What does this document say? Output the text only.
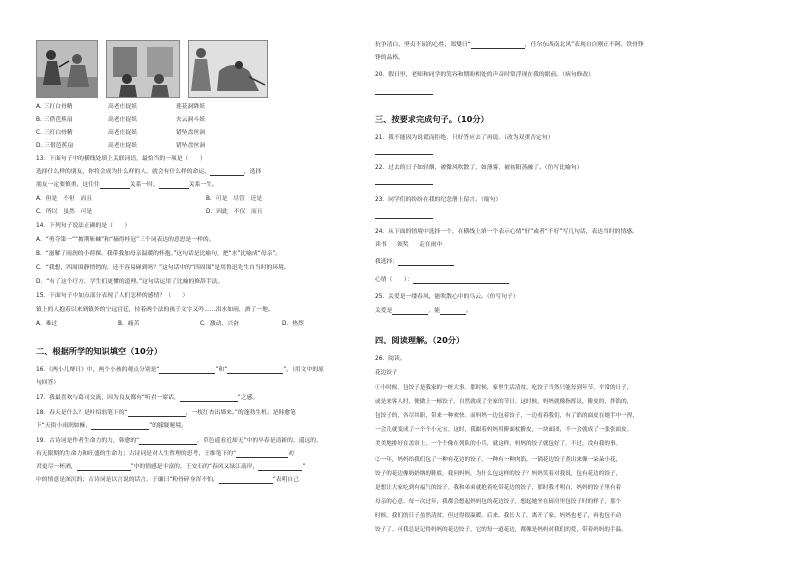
A. 三打白骨精	高老庄捉妖	莲花洞降妖
B. 三借芭蕉扇	高老庄捉妖	火云洞斗妖
C. 三打白骨精	高老庄捉妖	错坠盘丝洞
D. 三借芭蕉扇	高老庄捉妖	错坠盘丝洞
13．下面句子中的横线处填上关联词语，最恰当的一项是（　　）
选择什么样的朋友，你将会成为什么样的人，就会有什么样的命运。	，选择
朋友一定要慎重，这往往	关系一时，	关系一生。
A．但是　不但　而且	B．可是　尽管　还是
C．所以　虽然　可是	D．因此　不仅　而且
14．下列句子说法正确的是（　　）
A．“勇夺第一”“披荆斩棘”和“摘得桂冠”三个词表达的意思是一样的。
B．“滋解了雨润的小荷裸，我带我加母亲温暖的怀抱。”这句话是比喻句，把“水”比喻成“母亲”。
C．“我想，四周围静悄悄的，还不容易碰到吗？”这句话中的“四周围”是用鲁迅先生自当时的环境。
D．“有了这个疗方，学生们更懂的道理。”这句话运用了比喻的修辞手法。
15．下面句子中加点部分表现了人们怎样的感情？（　　）
镇上的人抱着以来到镇外的宁远宫廷，持着两个法的孩子文字又吟……泪水如雨，酒了一地。
A．难过	B．痛苦	C．激动、兴奋	D．热烈
二、根据所学的知识填空（10分）
16．《两小儿辩日》中，两个小孩的观点分别是“	”和“	”。（用文中的原
句回答）
17．我最喜欢与葛司交流，因为良友都有“听君一席话，	”之感。
18．春天是什么？是叶绍翁笔下的“	，一枝红杏出墙来。”的蓬勃生机；是韩愈笔
下“天街小雨润如酥，	”的朦胧秘境。
19．古诗词是作者生命力的力，韩愈的“	，草色遥看近却无”中的早春是清新的、遥远的，
有无限期的生命力和旺盛的生命力；古诗词是对人生哲理的思考，王维笔下的“	劝
君更尽一杯酒，	”中的情感是丰富的，王安石的“春风又绿江南岸，	”
中的情意是深沉的；古诗词是以言说的话言，于谦曰“粉骨碎身浑不怕，	”表明自己
抗争清白、坚贞不屈的心性，郑燮曰“	，任尔东西南北风”表现自自刚正不阿、铁骨铮
铮的品格。
20．假日里，老师和同学的笑容和期盼相处的声音时常浮现在我的眼前。（病句修改）
三、按要求完成句子。（10分）
21．我不能因为说谎而拒绝，只好答应去了再说。（改为双重否定句）
22．过去的日子如轻烟，被微风吹散了，如薄雾，被初阳蒸融了。（仿写比喻句）
23．同学们的纷纷在我的纪念册上留言。（缩句）
24．从下面的情境中选择一个，在横线上填一个表示心情“好”或者“不好”写几句话，表达当时的情感。
读书 领奖 走在雨中
我选择：
心情（　　）：
25．关爱是一缕春风，能吹散心中的乌云。（仿写句子）
关爱是	，能	。
四、阅读理解。（20分）
26．阅读。
花边饺子
①小时候，包饺子是我家的一桩大事。那时候，家里生活清贫，吃饺子当然只能每到年节。平常的日子，
或是来客人时，便做上一顿饺子，自然就成了全家的节日。这时候，妈妈就像指挥员，擀皮的，拌馅的，
包饺子的，各尽其职，带来一种欢快。而妈妈一边包着饺子，一边看着我们，有了馅的面皮在她手中一捏，
一会儿就变成了一个个小元宝。这时，我跟着妈妈用擀面杖擀皮，一块面团，不一会就成了一张张面皮。
美美地排好在盖帘上，一个个像在列队的小兵，就这样，妈妈的饺子就包好了。不过，没有我的事。
②一年，妈妈给我们包了一种有花边的饺子，一种有一种肉馅，一锅花边饺子煮出来像一朵朵小花，
饺子的花边像奶奶纳的鞋底。我问妈妈，为什么包这样的饺子？妈妈笑着对我说，包有花边的饺子，
是想让大家吃到有福气的饺子。我和弟弟就抢着吃带花边的饺子，那时我才明白，妈妈的饺子里有着
母亲的心意。每一次过年，我都会想起妈妈包的花边饺子，想起她坐在厨房里包饺子时的样子，那个
时候，我们的日子虽然清贫，但过得很温暖。后来，我长大了，离开了家，妈妈也老了，再也包不动
饺子了。可我总是记得妈妈的花边饺子，它的每一道花边，都像是妈妈对我们的爱，带着妈妈的手温。
